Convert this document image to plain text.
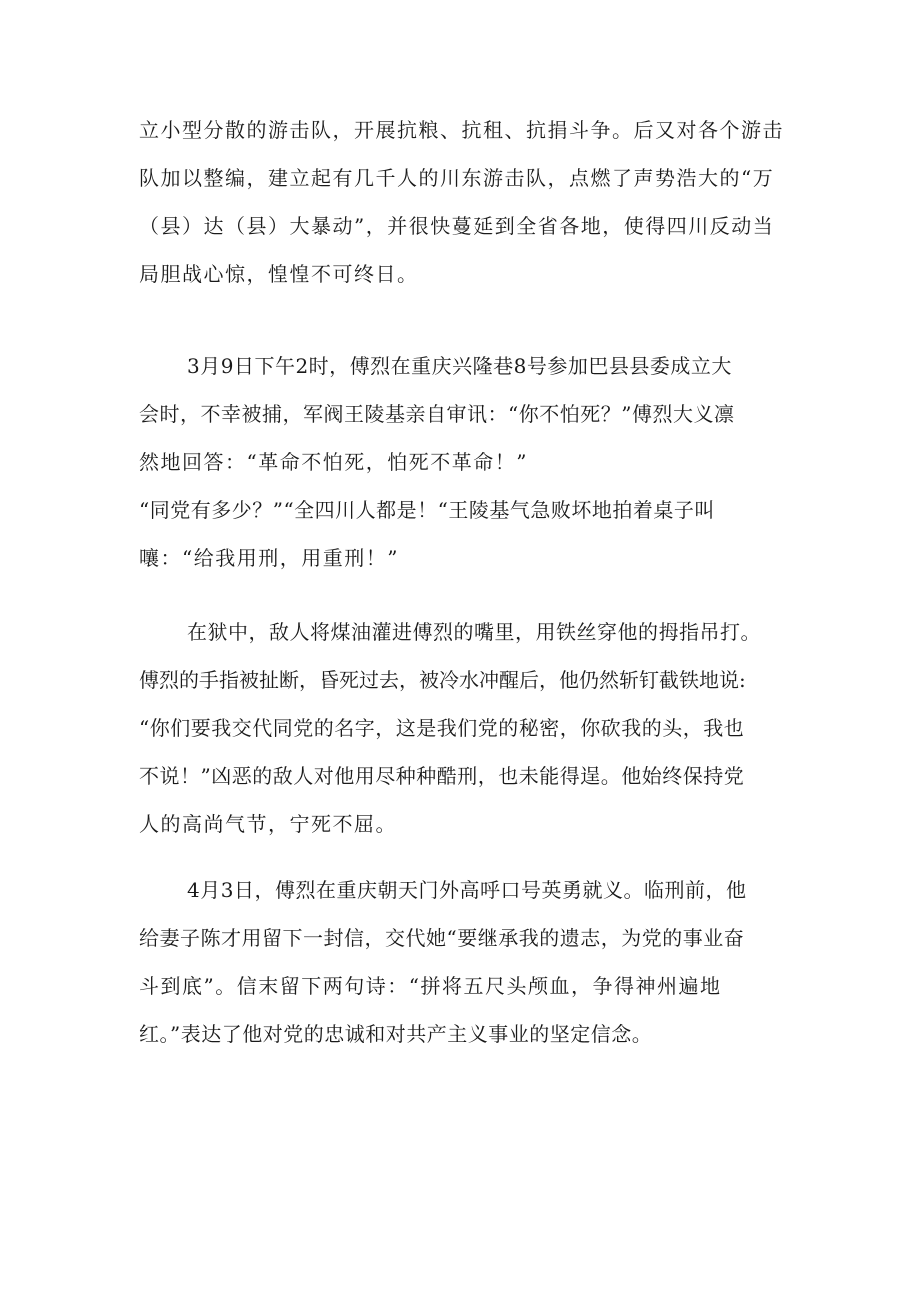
立小型分散的游击队，开展抗粮、抗租、抗捐斗争。后又对各个游击
队加以整编，建立起有几千人的川东游击队，点燃了声势浩大的“万
（县）达（县）大暴动”，并很快蔓延到全省各地，使得四川反动当
局胆战心惊，惶惶不可终日。
3月9日下午2时，傅烈在重庆兴隆巷8号参加巴县县委成立大
会时，不幸被捕，军阀王陵基亲自审讯：“你不怕死？”傅烈大义凛
然地回答：“革命不怕死，怕死不革命！”
“同党有多少？”“全四川人都是！“王陵基气急败坏地拍着桌子叫
嚷：“给我用刑，用重刑！”
在狱中，敌人将煤油灌进傅烈的嘴里，用铁丝穿他的拇指吊打。
傅烈的手指被扯断，昏死过去，被冷水冲醒后，他仍然斩钉截铁地说:
“你们要我交代同党的名字，这是我们党的秘密，你砍我的头，我也
不说！”凶恶的敌人对他用尽种种酷刑，也未能得逞。他始终保持党
人的高尚气节，宁死不屈。
4月3日，傅烈在重庆朝天门外高呼口号英勇就义。临刑前，他
给妻子陈才用留下一封信，交代她“要继承我的遗志，为党的事业奋
斗到底”。信末留下两句诗：“拼将五尺头颅血，争得神州遍地
红。”表达了他对党的忠诚和对共产主义事业的坚定信念。
